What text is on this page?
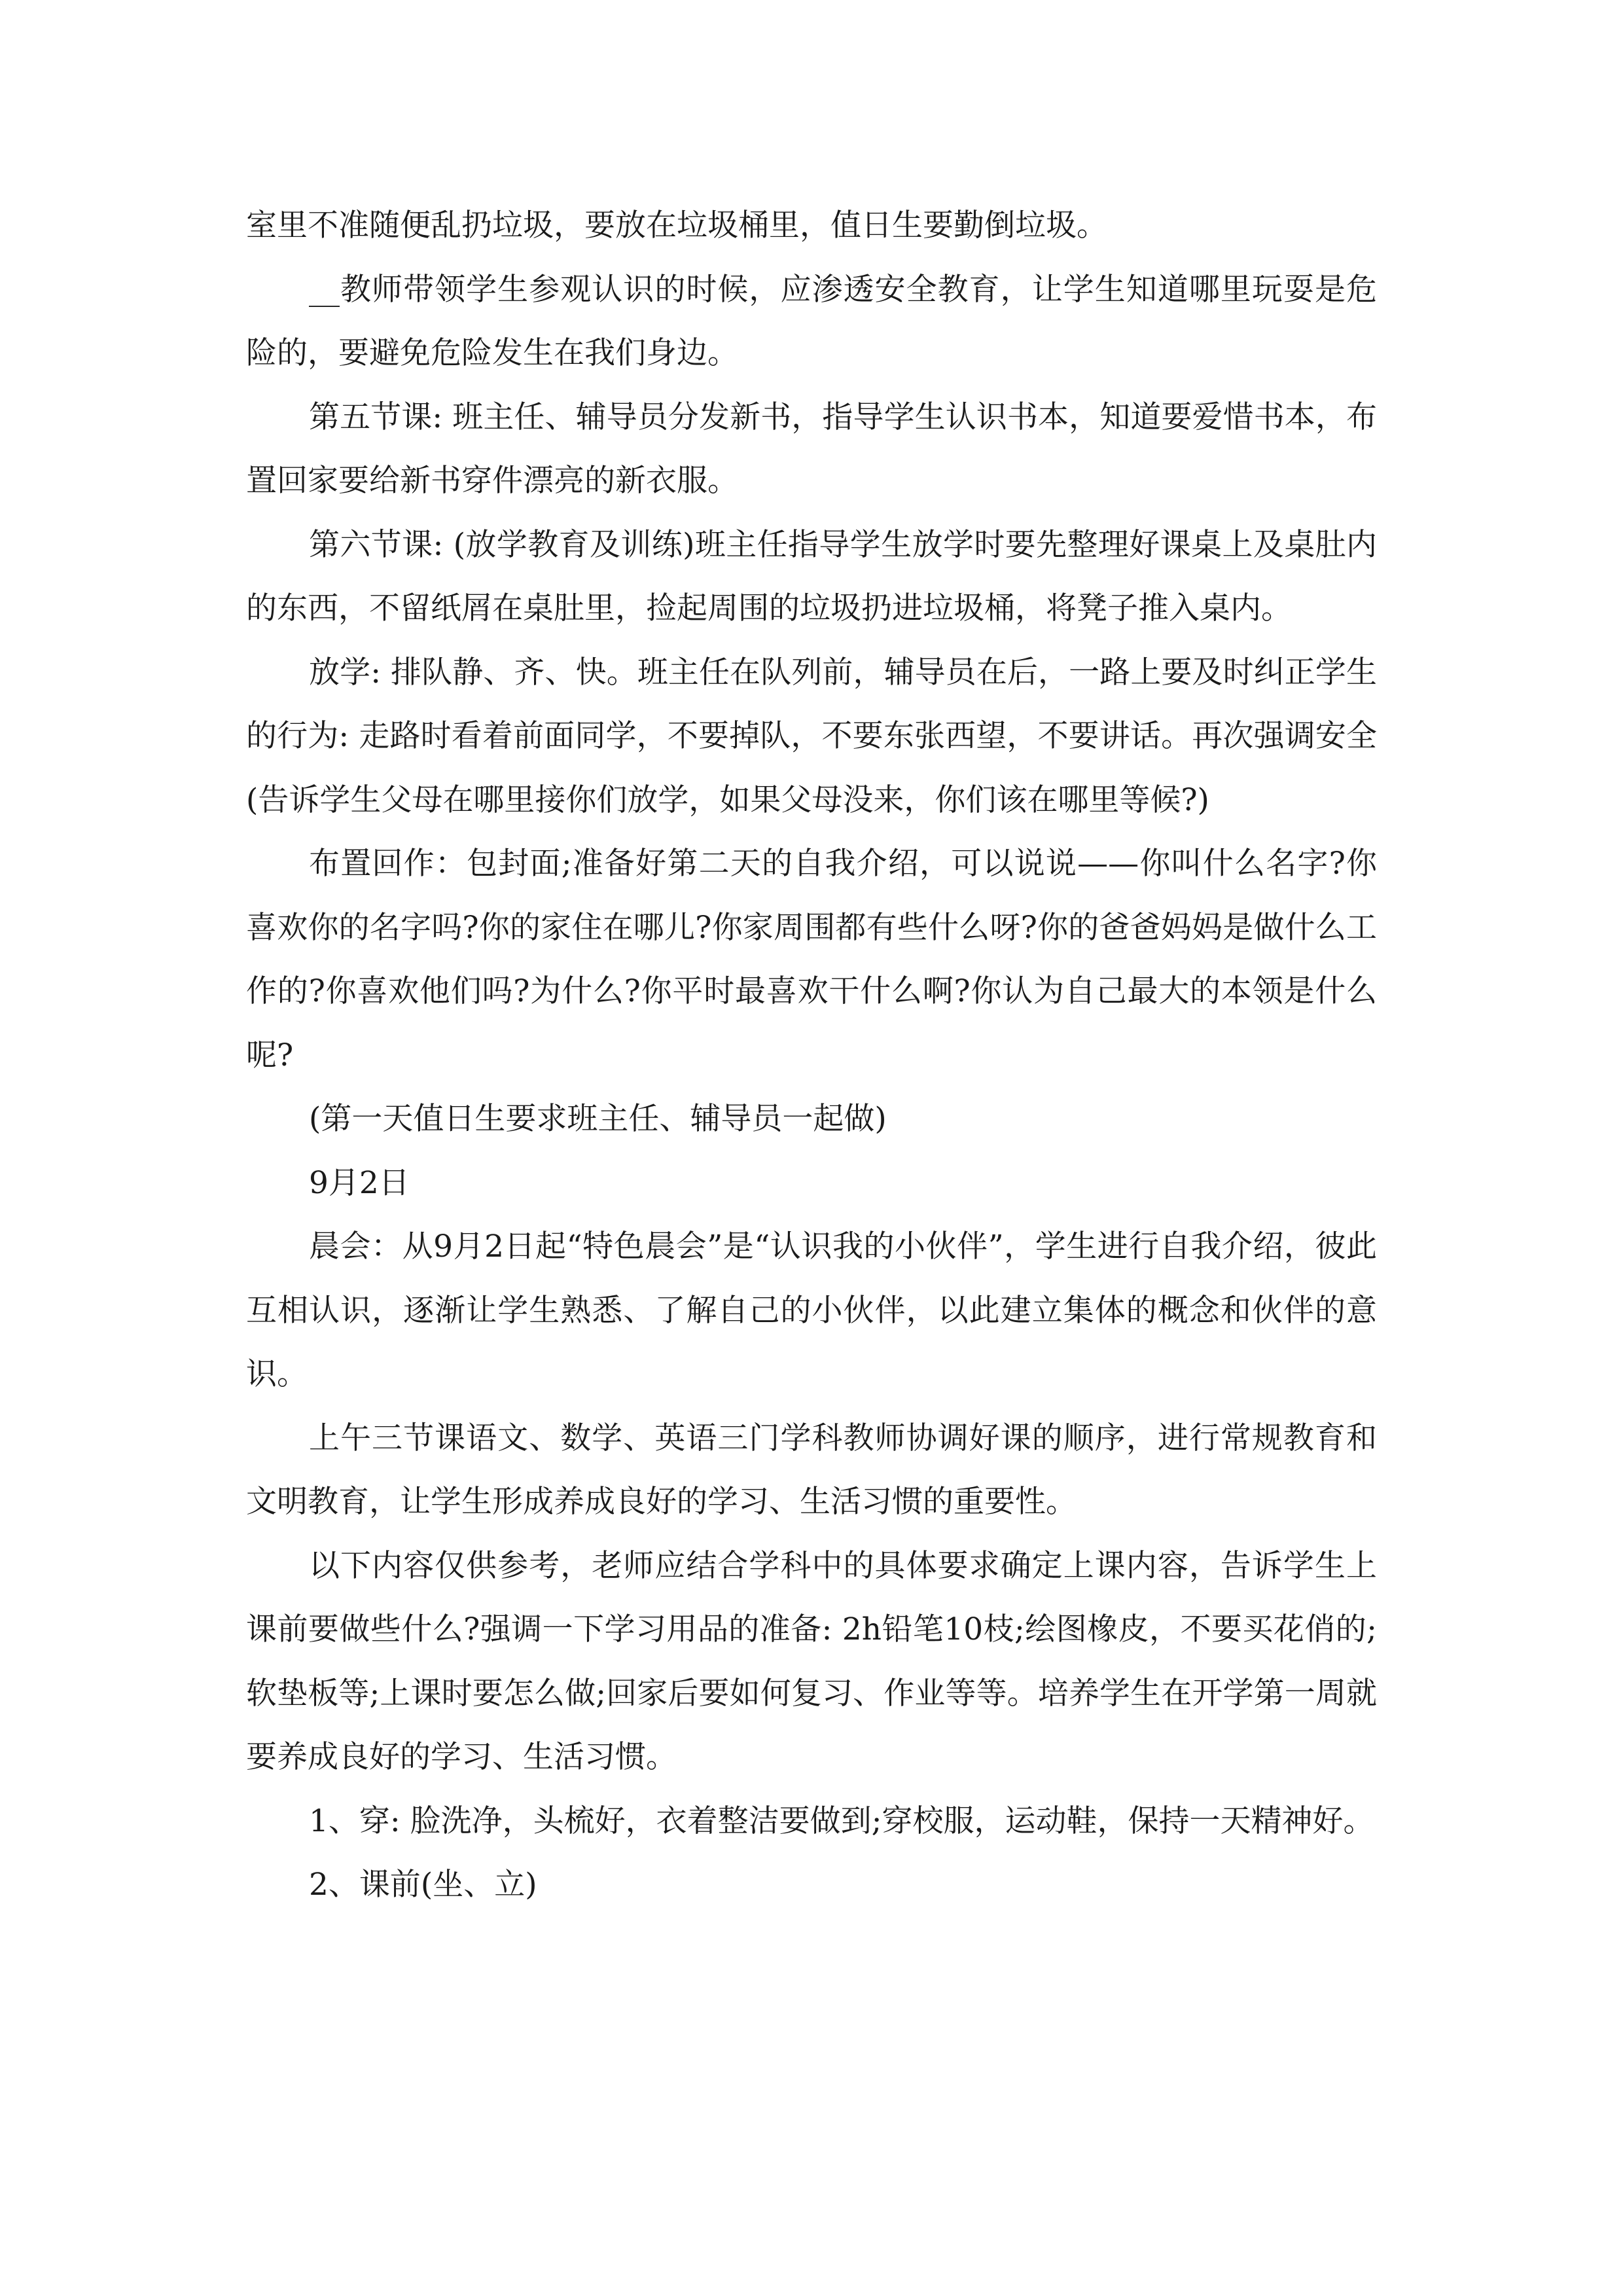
室里不准随便乱扔垃圾，要放在垃圾桶里，值日生要勤倒垃圾。

__教师带领学生参观认识的时候，应渗透安全教育，让学生知道哪里玩耍是危险的，要避免危险发生在我们身边。

第五节课: 班主任、辅导员分发新书，指导学生认识书本，知道要爱惜书本，布置回家要给新书穿件漂亮的新衣服。

第六节课: (放学教育及训练)班主任指导学生放学时要先整理好课桌上及桌肚内的东西，不留纸屑在桌肚里，捡起周围的垃圾扔进垃圾桶，将凳子推入桌内。

放学: 排队静、齐、快。班主任在队列前，辅导员在后，一路上要及时纠正学生的行为: 走路时看着前面同学，不要掉队，不要东张西望，不要讲话。再次强调安全(告诉学生父母在哪里接你们放学，如果父母没来，你们该在哪里等候?)

布置回作：包封面;准备好第二天的自我介绍，可以说说——你叫什么名字?你喜欢你的名字吗?你的家住在哪儿?你家周围都有些什么呀?你的爸爸妈妈是做什么工作的?你喜欢他们吗?为什么?你平时最喜欢干什么啊?你认为自己最大的本领是什么呢?

(第一天值日生要求班主任、辅导员一起做)

9月2日

晨会：从9月2日起“特色晨会”是“认识我的小伙伴”，学生进行自我介绍，彼此互相认识，逐渐让学生熟悉、了解自己的小伙伴，以此建立集体的概念和伙伴的意识。

上午三节课语文、数学、英语三门学科教师协调好课的顺序，进行常规教育和文明教育，让学生形成养成良好的学习、生活习惯的重要性。

以下内容仅供参考，老师应结合学科中的具体要求确定上课内容，告诉学生上课前要做些什么?强调一下学习用品的准备: 2h铅笔10枝;绘图橡皮，不要买花俏的;软垫板等;上课时要怎么做;回家后要如何复习、作业等等。培养学生在开学第一周就要养成良好的学习、生活习惯。

1、穿: 脸洗净，头梳好，衣着整洁要做到;穿校服，运动鞋，保持一天精神好。

2、课前(坐、立)
